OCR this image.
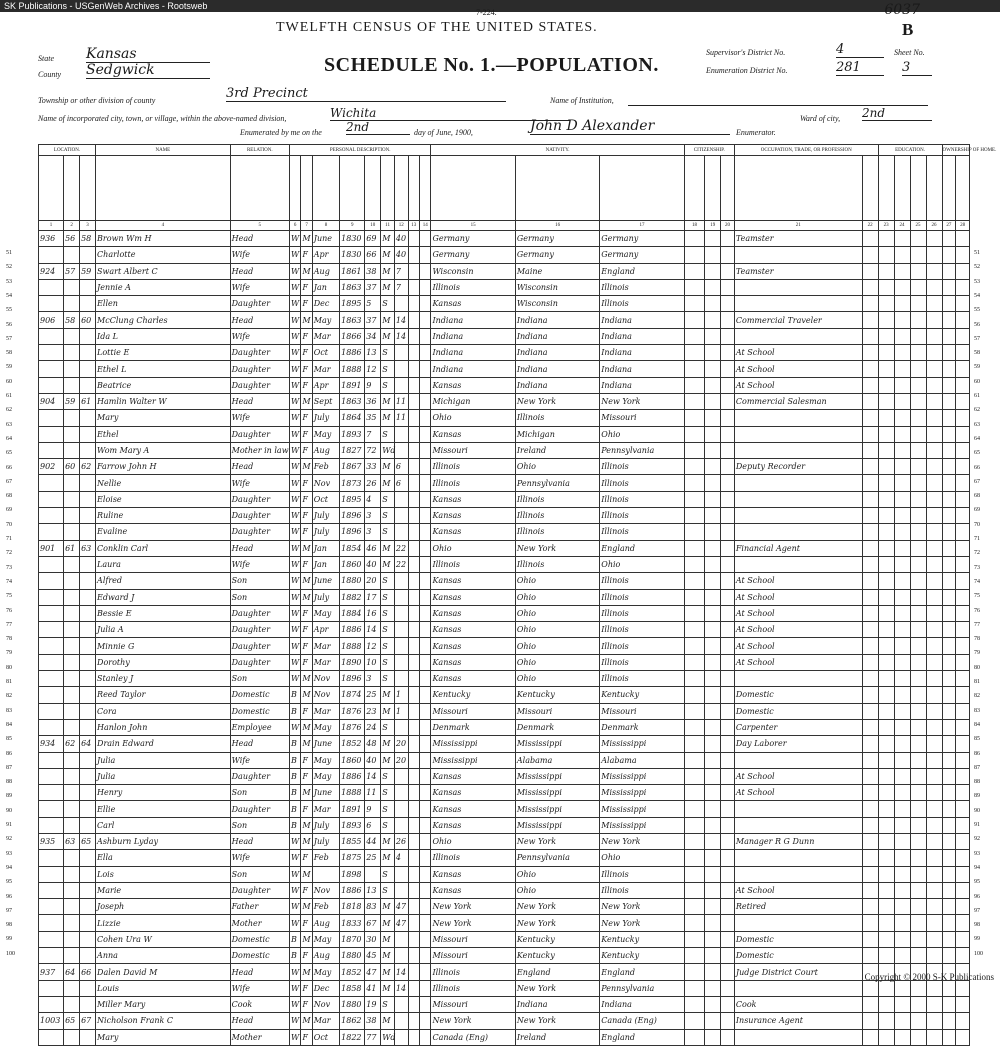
SK Publications - USGenWeb Archives - Rootsweb
7-224.	6037
TWELFTH CENSUS OF THE UNITED STATES.	B
State Kansas
County Sedgwick	SCHEDULE No. 1.—POPULATION.
Supervisor's District No.	4	Sheet No.
Enumeration District No.	281	3
Township or other division of county	3rd Precinct	Name of Institution,
Name of incorporated city, town, or village, within the above-named division,	Wichita	Ward of city, 2nd
Enumerated by me on the 2nd	day of June, 1900,	John D Alexander	Enumerator.
LOCATION.			NAME	RELATION.	PERSONAL DESCRIPTION.									NATIVITY.			CITIZENSHIP.			OCCUPATION, TRADE, OR PROFESSION		EDUCATION.				OWNERSHIP OF HOME.	

1	2	3	4	5	6	7	8	9	10	11	12	13	14	15	16	17	18	19	20	21	22	23	24	25	26	27	28
936	56	58	Brown Wm H	Head	W	M	June	1830	69	M	40			Germany	Germany	Germany				Teamster							
			Charlotte	Wife	W	F	Apr	1830	66	M	40			Germany	Germany	Germany											
924	57	59	Swart Albert C	Head	W	M	Aug	1861	38	M	7			Wisconsin	Maine	England				Teamster							
			Jennie A	Wife	W	F	Jan	1863	37	M	7			Illinois	Wisconsin	Illinois											
			Ellen	Daughter	W	F	Dec	1895	5	S				Kansas	Wisconsin	Illinois											
906	58	60	McClung Charles	Head	W	M	May	1863	37	M	14			Indiana	Indiana	Indiana				Commercial Traveler							
			Ida L	Wife	W	F	Mar	1866	34	M	14			Indiana	Indiana	Indiana											
			Lottie E	Daughter	W	F	Oct	1886	13	S				Indiana	Indiana	Indiana				At School							
			Ethel L	Daughter	W	F	Mar	1888	12	S				Indiana	Indiana	Indiana				At School							
			Beatrice	Daughter	W	F	Apr	1891	9	S				Kansas	Indiana	Indiana				At School							
904	59	61	Hamlin Walter W	Head	W	M	Sept	1863	36	M	11			Michigan	New York	New York				Commercial Salesman							
			Mary	Wife	W	F	July	1864	35	M	11			Ohio	Illinois	Missouri											
			Ethel	Daughter	W	F	May	1893	7	S				Kansas	Michigan	Ohio											
			Wom Mary A	Mother in law	W	F	Aug	1827	72	Wd				Missouri	Ireland	Pennsylvania											
902	60	62	Farrow John H	Head	W	M	Feb	1867	33	M	6			Illinois	Ohio	Illinois				Deputy Recorder							
			Nellie	Wife	W	F	Nov	1873	26	M	6			Illinois	Pennsylvania	Illinois											
			Eloise	Daughter	W	F	Oct	1895	4	S				Kansas	Illinois	Illinois											
			Ruline	Daughter	W	F	July	1896	3	S				Kansas	Illinois	Illinois											
			Evaline	Daughter	W	F	July	1896	3	S				Kansas	Illinois	Illinois											
901	61	63	Conklin Carl	Head	W	M	Jan	1854	46	M	22			Ohio	New York	England				Financial Agent							
			Laura	Wife	W	F	Jan	1860	40	M	22			Illinois	Illinois	Ohio											
			Alfred	Son	W	M	June	1880	20	S				Kansas	Ohio	Illinois				At School							
			Edward J	Son	W	M	July	1882	17	S				Kansas	Ohio	Illinois				At School							
			Bessie E	Daughter	W	F	May	1884	16	S				Kansas	Ohio	Illinois				At School							
			Julia A	Daughter	W	F	Apr	1886	14	S				Kansas	Ohio	Illinois				At School							
			Minnie G	Daughter	W	F	Mar	1888	12	S				Kansas	Ohio	Illinois				At School							
			Dorothy	Daughter	W	F	Mar	1890	10	S				Kansas	Ohio	Illinois				At School							
			Stanley J	Son	W	M	Nov	1896	3	S				Kansas	Ohio	Illinois											
			Reed Taylor	Domestic	B	M	Nov	1874	25	M	1			Kentucky	Kentucky	Kentucky				Domestic							
			Cora	Domestic	B	F	Mar	1876	23	M	1			Missouri	Missouri	Missouri				Domestic							
			Hanlon John	Employee	W	M	May	1876	24	S				Denmark	Denmark	Denmark				Carpenter							
934	62	64	Drain Edward	Head	B	M	June	1852	48	M	20			Mississippi	Mississippi	Mississippi				Day Laborer							
			Julia	Wife	B	F	May	1860	40	M	20			Mississippi	Alabama	Alabama											
			Julia	Daughter	B	F	May	1886	14	S				Kansas	Mississippi	Mississippi				At School							
			Henry	Son	B	M	June	1888	11	S				Kansas	Mississippi	Mississippi				At School							
			Ellie	Daughter	B	F	Mar	1891	9	S				Kansas	Mississippi	Mississippi											
			Carl	Son	B	M	July	1893	6	S				Kansas	Mississippi	Mississippi											
935	63	65	Ashburn Lyday	Head	W	M	July	1855	44	M	26			Ohio	New York	New York				Manager R G Dunn							
			Ella	Wife	W	F	Feb	1875	25	M	4			Illinois	Pennsylvania	Ohio											
			Lois	Son	W	M		1898		S				Kansas	Ohio	Illinois											
			Marie	Daughter	W	F	Nov	1886	13	S				Kansas	Ohio	Illinois				At School							
			Joseph	Father	W	M	Feb	1818	83	M	47			New York	New York	New York				Retired							
			Lizzie	Mother	W	F	Aug	1833	67	M	47			New York	New York	New York											
			Cohen Ura W	Domestic	B	M	May	1870	30	M				Missouri	Kentucky	Kentucky				Domestic							
			Anna	Domestic	B	F	Aug	1880	45	M				Missouri	Kentucky	Kentucky				Domestic							
937	64	66	Dalen David M	Head	W	M	May	1852	47	M	14			Illinois	England	England				Judge District Court							
			Louis	Wife	W	F	Dec	1858	41	M	14			Illinois	New York	Pennsylvania											
			Miller Mary	Cook	W	F	Nov	1880	19	S				Missouri	Indiana	Indiana				Cook							
1003	65	67	Nicholson Frank C	Head	W	M	Mar	1862	38	M				New York	New York	Canada (Eng)				Insurance Agent							
			Mary	Mother	W	F	Oct	1822	77	Wd				Canada (Eng)	Ireland	England											
51	51
52	52
53	53
54	54
55	55
56	56
57	57
58	58
59	59
60	60
61	61
62	62
63	63
64	64
65	65
66	66
67	67
68	68
69	69
70	70
71	71
72	72
73	73
74	74
75	75
76	76
77	77
78	78
79	79
80	80
81	81
82	82
83	83
84	84
85	85
86	86
87	87
88	88
89	89
90	90
91	91
92	92
93	93
94	94
95	95
96	96
97	97
98	98
99	99
100	100
Copyright © 2000 S-K Publications
